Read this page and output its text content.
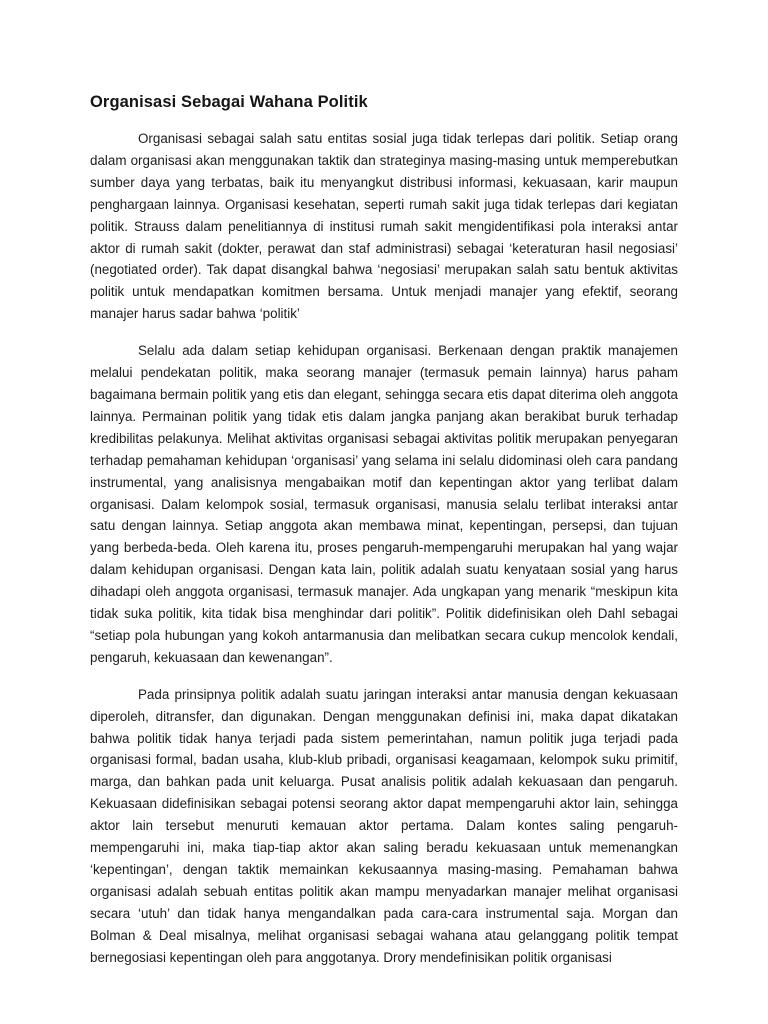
Organisasi Sebagai Wahana Politik

Organisasi sebagai salah satu entitas sosial juga tidak terlepas dari politik. Setiap orang dalam organisasi akan menggunakan taktik dan strateginya masing-masing untuk memperebutkan sumber daya yang terbatas, baik itu menyangkut distribusi informasi, kekuasaan, karir maupun penghargaan lainnya. Organisasi kesehatan, seperti rumah sakit juga tidak terlepas dari kegiatan politik. Strauss dalam penelitiannya di institusi rumah sakit mengidentifikasi pola interaksi antar aktor di rumah sakit (dokter, perawat dan staf administrasi) sebagai ‘keteraturan hasil negosiasi’ (negotiated order). Tak dapat disangkal bahwa ‘negosiasi’ merupakan salah satu bentuk aktivitas politik untuk mendapatkan komitmen bersama. Untuk menjadi manajer yang efektif, seorang manajer harus sadar bahwa ‘politik’

Selalu ada dalam setiap kehidupan organisasi. Berkenaan dengan praktik manajemen melalui pendekatan politik, maka seorang manajer (termasuk pemain lainnya) harus paham bagaimana bermain politik yang etis dan elegant, sehingga secara etis dapat diterima oleh anggota lainnya. Permainan politik yang tidak etis dalam jangka panjang akan berakibat buruk terhadap kredibilitas pelakunya. Melihat aktivitas organisasi sebagai aktivitas politik merupakan penyegaran terhadap pemahaman kehidupan ‘organisasi’ yang selama ini selalu didominasi oleh cara pandang instrumental, yang analisisnya mengabaikan motif dan kepentingan aktor yang terlibat dalam organisasi. Dalam kelompok sosial, termasuk organisasi, manusia selalu terlibat interaksi antar satu dengan lainnya. Setiap anggota akan membawa minat, kepentingan, persepsi, dan tujuan yang berbeda-beda. Oleh karena itu, proses pengaruh-mempengaruhi merupakan hal yang wajar dalam kehidupan organisasi. Dengan kata lain, politik adalah suatu kenyataan sosial yang harus dihadapi oleh anggota organisasi, termasuk manajer. Ada ungkapan yang menarik “meskipun kita tidak suka politik, kita tidak bisa menghindar dari politik”. Politik didefinisikan oleh Dahl sebagai “setiap pola hubungan yang kokoh antarmanusia dan melibatkan secara cukup mencolok kendali, pengaruh, kekuasaan dan kewenangan”.

Pada prinsipnya politik adalah suatu jaringan interaksi antar manusia dengan kekuasaan diperoleh, ditransfer, dan digunakan. Dengan menggunakan definisi ini, maka dapat dikatakan bahwa politik tidak hanya terjadi pada sistem pemerintahan, namun politik juga terjadi pada organisasi formal, badan usaha, klub-klub pribadi, organisasi keagamaan, kelompok suku primitif, marga, dan bahkan pada unit keluarga. Pusat analisis politik adalah kekuasaan dan pengaruh. Kekuasaan didefinisikan sebagai potensi seorang aktor dapat mempengaruhi aktor lain, sehingga aktor lain tersebut menuruti kemauan aktor pertama. Dalam kontes saling pengaruh-mempengaruhi ini, maka tiap-tiap aktor akan saling beradu kekuasaan untuk memenangkan ‘kepentingan’, dengan taktik memainkan kekusaannya masing-masing. Pemahaman bahwa organisasi adalah sebuah entitas politik akan mampu menyadarkan manajer melihat organisasi secara ‘utuh’ dan tidak hanya mengandalkan pada cara-cara instrumental saja. Morgan dan Bolman & Deal misalnya, melihat organisasi sebagai wahana atau gelanggang politik tempat bernegosiasi kepentingan oleh para anggotanya. Drory mendefinisikan politik organisasi
